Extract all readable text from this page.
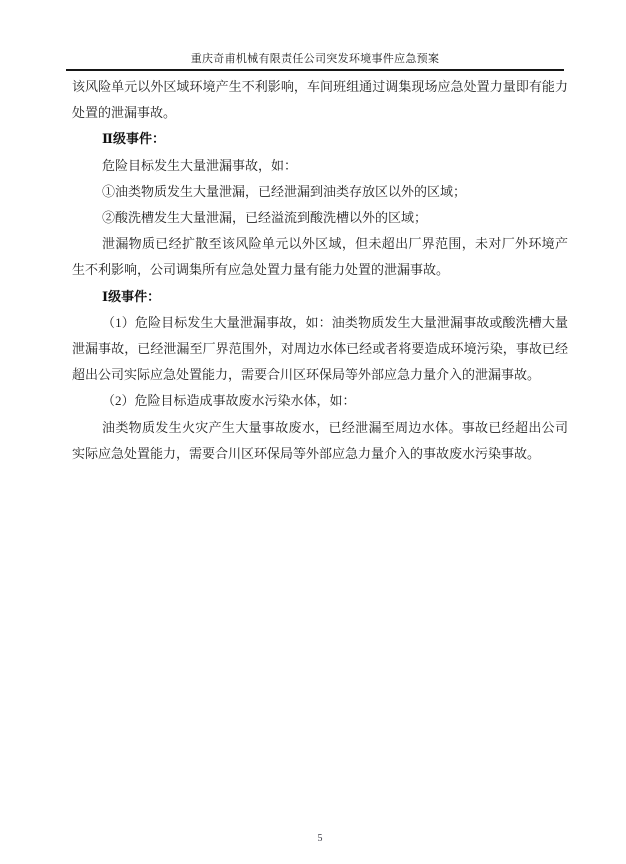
重庆奇甫机械有限责任公司突发环境事件应急预案

该风险单元以外区域环境产生不利影响，车间班组通过调集现场应急处置力量即有能力处置的泄漏事故。

Ⅱ级事件：

危险目标发生大量泄漏事故，如：

①油类物质发生大量泄漏，已经泄漏到油类存放区以外的区域；

②酸洗槽发生大量泄漏，已经溢流到酸洗槽以外的区域；

泄漏物质已经扩散至该风险单元以外区域，但未超出厂界范围，未对厂外环境产生不利影响，公司调集所有应急处置力量有能力处置的泄漏事故。

Ⅰ级事件：

（1）危险目标发生大量泄漏事故，如：油类物质发生大量泄漏事故或酸洗槽大量泄漏事故，已经泄漏至厂界范围外，对周边水体已经或者将要造成环境污染，事故已经超出公司实际应急处置能力，需要合川区环保局等外部应急力量介入的泄漏事故。

（2）危险目标造成事故废水污染水体，如：

油类物质发生火灾产生大量事故废水，已经泄漏至周边水体。事故已经超出公司实际应急处置能力，需要合川区环保局等外部应急力量介入的事故废水污染事故。

5
